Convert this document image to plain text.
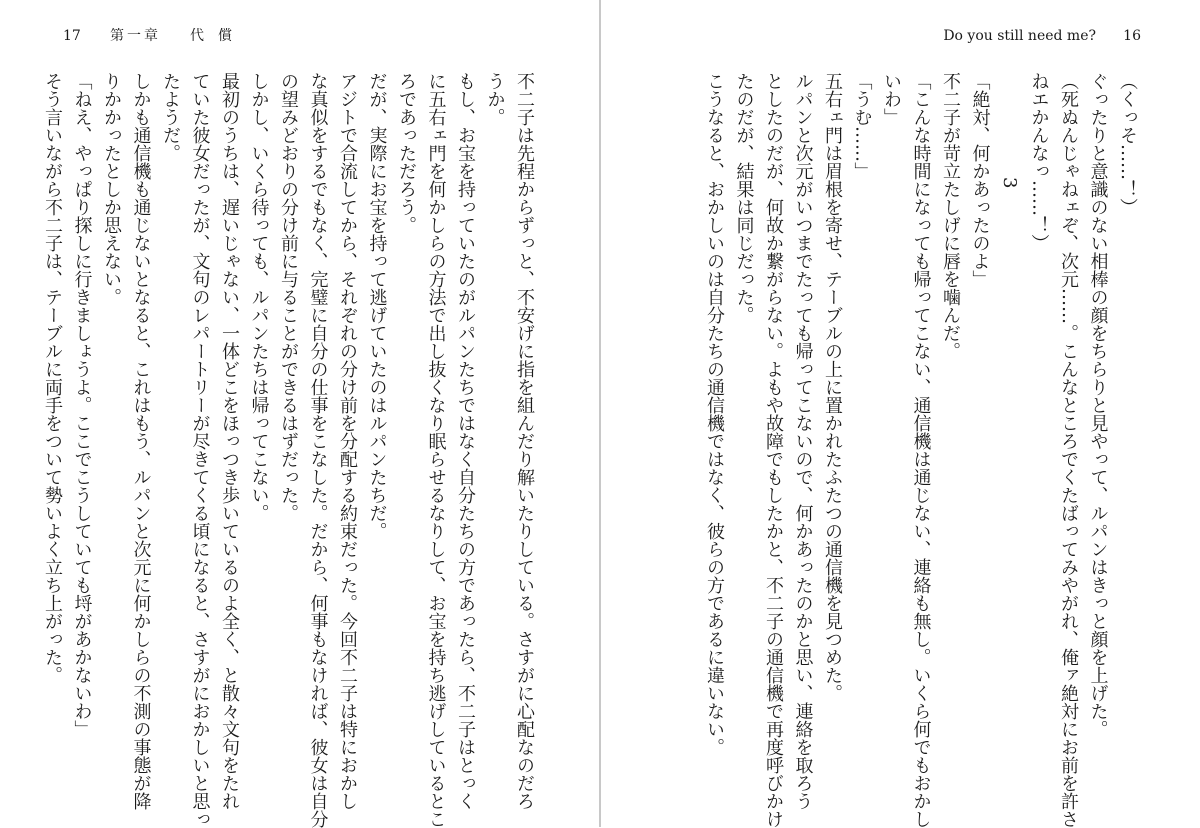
17 第一章 代償
不二子は先程からずっと、不安げに指を組んだり解いたりしている。さすがに心配なのだろ
うか。
もし、お宝を持っていたのがルパンたちではなく自分たちの方であったら、不二子はとっく
に五右ェ門を何かしらの方法で出し抜くなり眠らせるなりして、お宝を持ち逃げしているとこ
ろであっただろう。
だが、実際にお宝を持って逃げていたのはルパンたちだ。
アジトで合流してから、それぞれの分け前を分配する約束だった。今回不二子は特におかし
な真似をするでもなく、完璧に自分の仕事をこなした。だから、何事もなければ、彼女は自分
の望みどおりの分け前に与ることができるはずだった。
しかし、いくら待っても、ルパンたちは帰ってこない。
最初のうちは、遅いじゃない、一体どこをほっつき歩いているのよ全く、と散々文句をたれ
ていた彼女だったが、文句のレパートリーが尽きてくる頃になると、さすがにおかしいと思っ
たようだ。
しかも通信機も通じないとなると、これはもう、ルパンと次元に何かしらの不測の事態が降
りかかったとしか思えない。
「ねえ、やっぱり探しに行きましょうよ。ここでこうしていても埒があかないわ」
そう言いながら不二子は、テーブルに両手をついて勢いよく立ち上がった。
Do you still need me? 16
（くっそ……！）
ぐったりと意識のない相棒の顔をちらりと見やって、ルパンはきっと顔を上げた。
（死ぬんじゃねェぞ、次元……。こんなところでくたばってみやがれ、俺ァ絶対にお前を許さ
ねエかんなっ……！）
3
「絶対、何かあったのよ」
不二子が苛立たしげに唇を噛んだ。
「こんな時間になっても帰ってこない、通信機は通じない、連絡も無し。いくら何でもおかし
いわ」
「うむ……」
五右ェ門は眉根を寄せ、テーブルの上に置かれたふたつの通信機を見つめた。
ルパンと次元がいつまでたっても帰ってこないので、何かあったのかと思い、連絡を取ろう
としたのだが、何故か繋がらない。よもや故障でもしたかと、不二子の通信機で再度呼びかけ
たのだが、結果は同じだった。
こうなると、おかしいのは自分たちの通信機ではなく、彼らの方であるに違いない。
